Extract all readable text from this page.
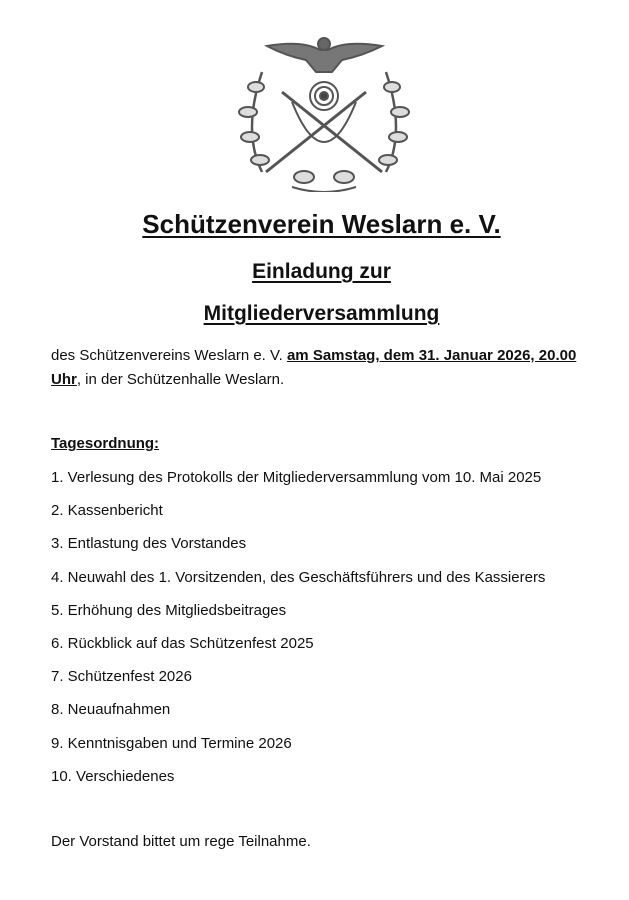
Schützenverein Weslarn e. V.
Einladung zur
Mitgliederversammlung
des Schützenvereins Weslarn e. V. am Samstag, dem 31. Januar 2026, 20.00 Uhr, in der Schützenhalle Weslarn.
Tagesordnung:
1. Verlesung des Protokolls der Mitgliederversammlung vom 10. Mai 2025
2. Kassenbericht
3. Entlastung des Vorstandes
4. Neuwahl des 1. Vorsitzenden, des Geschäftsführers und des Kassierers
5. Erhöhung des Mitgliedsbeitrages
6. Rückblick auf das Schützenfest 2025
7. Schützenfest 2026
8. Neuaufnahmen
9. Kenntnisgaben und Termine 2026
10. Verschiedenes
Der Vorstand bittet um rege Teilnahme.
